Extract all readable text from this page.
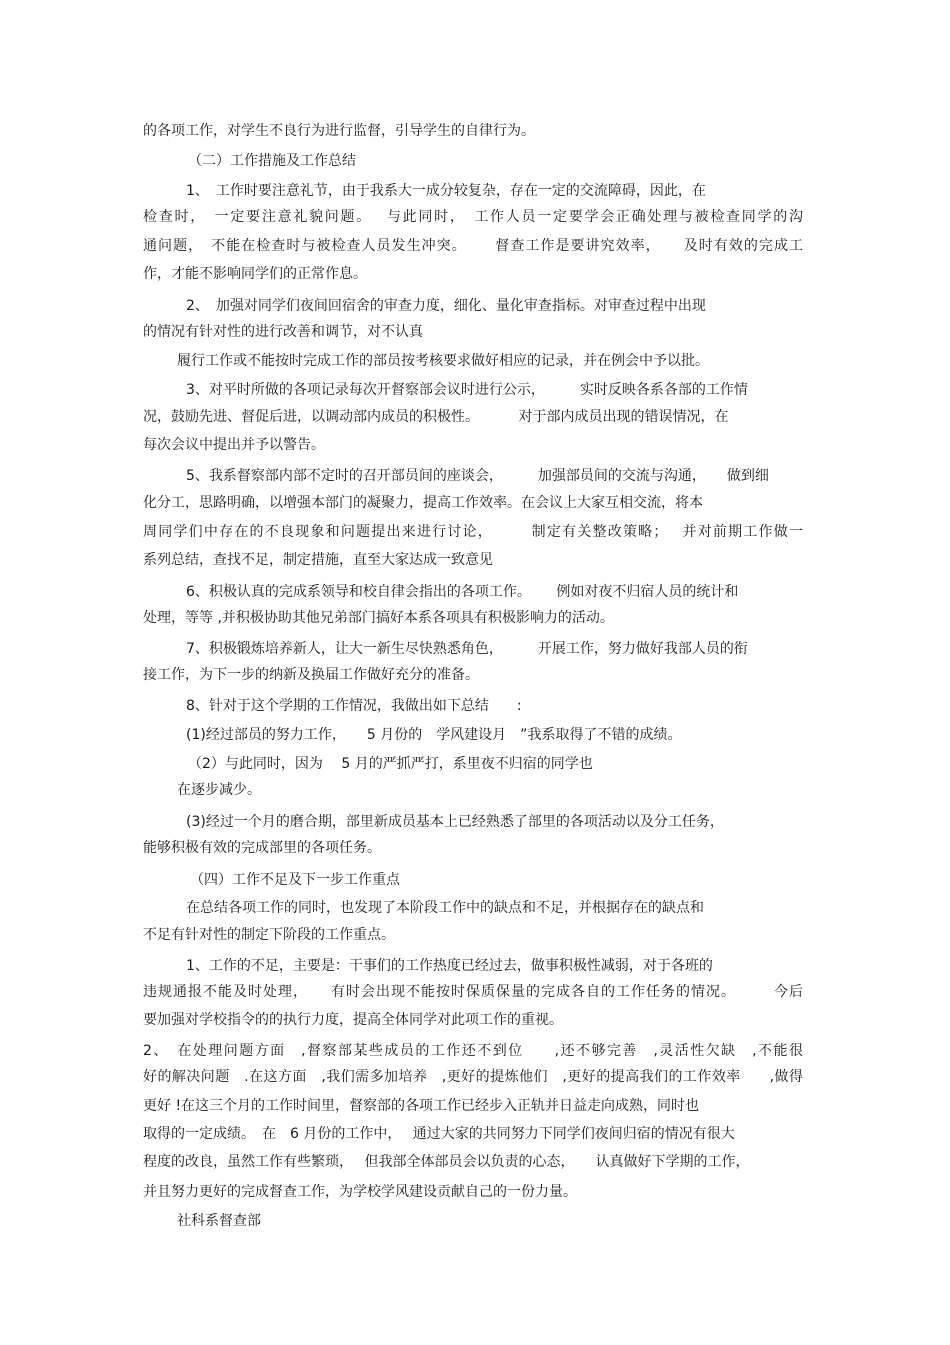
的各项工作，对学生不良行为进行监督，引导学生的自律行为。
（二）工作措施及工作总结
1、　工作时要注意礼节，由于我系大一成分较复杂，存在一定的交流障碍，因此，在
检查时，　一定要注意礼貌问题。　 与此同时，　工作人员一定要学会正确处理与被检查同学的沟
通问题，　不能在检查时与被检查人员发生冲突。　　 督查工作是要讲究效率，　　及时有效的完成工
作，才能不影响同学们的正常作息。
2、　加强对同学们夜间回宿舍的审查力度，细化、量化审查指标。对审查过程中出现
的情况有针对性的进行改善和调节，对不认真
履行工作或不能按时完成工作的部员按考核要求做好相应的记录，并在例会中予以批。
3、对平时所做的各项记录每次开督察部会议时进行公示，　　　实时反映各系各部的工作情
况，鼓励先进、督促后进，以调动部内成员的积极性。　　　 对于部内成员出现的错误情况，在
每次会议中提出并予以警告。
5、我系督察部内部不定时的召开部员间的座谈会，　　　加强部员间的交流与沟通，　　做到细
化分工，思路明确，以增强本部门的凝聚力，提高工作效率。在会议上大家互相交流，将本
周同学们中存在的不良现象和问题提出来进行讨论，　　　制定有关整改策略；　 并对前期工作做一
系列总结，查找不足，制定措施，直至大家达成一致意见
6、积极认真的完成系领导和校自律会指出的各项工作。　　 例如对夜不归宿人员的统计和
处理，等等 ,并积极协助其他兄弟部门搞好本系各项具有积极影响力的活动。
7、积极锻炼培养新人，让大一新生尽快熟悉角色，　　　开展工作，努力做好我部人员的衔
接工作，为下一步的纳新及换届工作做好充分的准备。
8、针对于这个学期的工作情况，我做出如下总结　　:
(1)经过部员的努力工作，　　5 月份的　学风建设月　”我系取得了不错的成绩。
（2）与此同时，因为　 5 月的严抓严打，系里夜不归宿的同学也
在逐步减少。
(3)经过一个月的磨合期，部里新成员基本上已经熟悉了部里的各项活动以及分工任务，
能够积极有效的完成部里的各项任务。
（四）工作不足及下一步工作重点
在总结各项工作的同时，也发现了本阶段工作中的缺点和不足，并根据存在的缺点和
不足有针对性的制定下阶段的工作重点。
1、工作的不足，主要是：干事们的工作热度已经过去，做事积极性减弱，对于各班的
违规通报不能及时处理，　　有时会出现不能按时保质保量的完成各自的工作任务的情况。　　　今后
要加强对学校指令的的执行力度，提高全体同学对此项工作的重视。
2、　在处理问题方面　,督察部某些成员的工作还不到位　　,还不够完善　,灵活性欠缺　,不能很
好的解决问题　.在这方面　,我们需多加培养　,更好的提炼他们　,更好的提高我们的工作效率　　,做得
更好 !在这三个月的工作时间里，督察部的各项工作已经步入正轨并日益走向成熟，同时也
取得的一定成绩。　在　6 月份的工作中，　 通过大家的共同努力下同学们夜间归宿的情况有很大
程度的改良，虽然工作有些繁琐，　 但我部全体部员会以负责的心态，　　认真做好下学期的工作，
并且努力更好的完成督查工作，为学校学风建设贡献自己的一份力量。
社科系督查部
